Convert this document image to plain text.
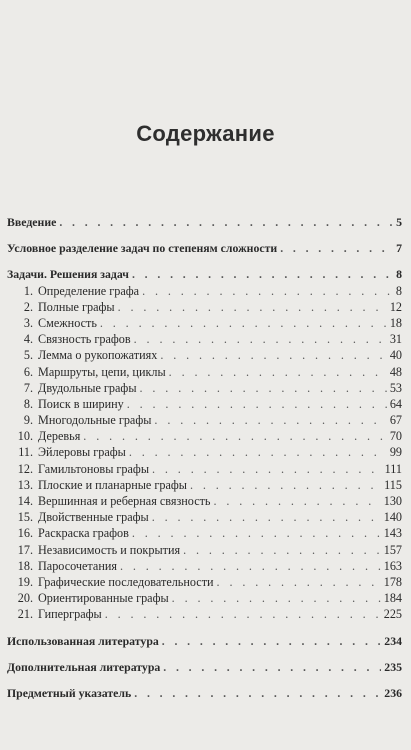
Содержание
Введение . . .	5
Условное разделение задач по степеням сложности . . .	7
Задачи. Решения задач . . .	8
1. Определение графа . . .	8
2. Полные графы . . .	12
3. Смежность . . .	18
4. Связность графов . . .	31
5. Лемма о рукопожатиях . . .	40
6. Маршруты, цепи, циклы . . .	48
7. Двудольные графы . . .	53
8. Поиск в ширину . . .	64
9. Многодольные графы . . .	67
10. Деревья . . .	70
11. Эйлеровы графы . . .	99
12. Гамильтоновы графы . . .	111
13. Плоские и планарные графы . . .	115
14. Вершинная и реберная связность . . .	130
15. Двойственные графы . . .	140
16. Раскраска графов . . .	143
17. Независимость и покрытия . . .	157
18. Паросочетания . . .	163
19. Графические последовательности . . .	178
20. Ориентированные графы . . .	184
21. Гиперграфы . . .	225
Использованная литература . . .	234
Дополнительная литература . . .	235
Предметный указатель . . .	236
